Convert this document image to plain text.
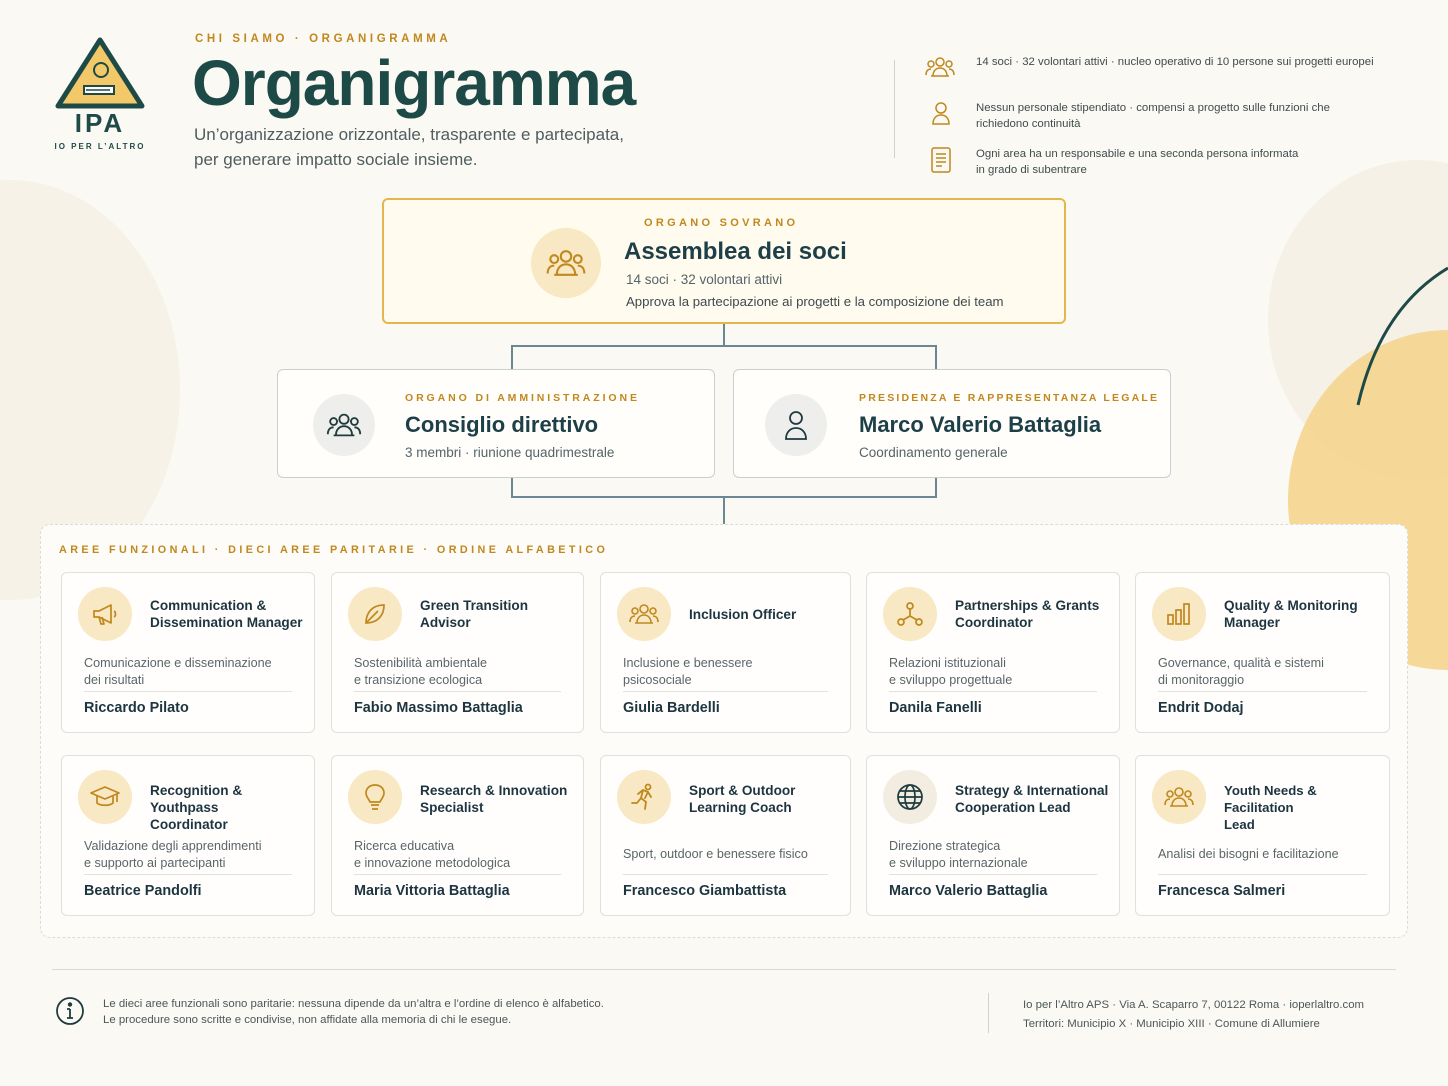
IPA
IO PER L’ALTRO
CHI SIAMO · ORGANIGRAMMA
Organigramma
Un’organizzazione orizzontale, trasparente e partecipata,
per generare impatto sociale insieme.
14 soci · 32 volontari attivi · nucleo operativo di 10 persone sui progetti europei
Nessun personale stipendiato · compensi a progetto sulle funzioni che
richiedono continuità
Ogni area ha un responsabile e una seconda persona informata
in grado di subentrare
ORGANO SOVRANO
Assemblea dei soci
14 soci · 32 volontari attivi
Approva la partecipazione ai progetti e la composizione dei team
ORGANO DI AMMINISTRAZIONE
Consiglio direttivo
3 membri · riunione quadrimestrale
PRESIDENZA E RAPPRESENTANZA LEGALE
Marco Valerio Battaglia
Coordinamento generale
AREE FUNZIONALI · DIECI AREE PARITARIE · ORDINE ALFABETICO
Communication &
Dissemination Manager
Comunicazione e disseminazione
dei risultati
Riccardo Pilato
Green Transition
Advisor
Sostenibilità ambientale
e transizione ecologica
Fabio Massimo Battaglia
Inclusion Officer
Inclusione e benessere
psicosociale
Giulia Bardelli
Partnerships & Grants
Coordinator
Relazioni istituzionali
e sviluppo progettuale
Danila Fanelli
Quality & Monitoring
Manager
Governance, qualità e sistemi
di monitoraggio
Endrit Dodaj
Recognition & Youthpass
Coordinator
Validazione degli apprendimenti
e supporto ai partecipanti
Beatrice Pandolfi
Research & Innovation
Specialist
Ricerca educativa
e innovazione metodologica
Maria Vittoria Battaglia
Sport & Outdoor
Learning Coach
Sport, outdoor e benessere fisico
Francesco Giambattista
Strategy & International
Cooperation Lead
Direzione strategica
e sviluppo internazionale
Marco Valerio Battaglia
Youth Needs & Facilitation
Lead
Analisi dei bisogni e facilitazione
Francesca Salmeri
Le dieci aree funzionali sono paritarie: nessuna dipende da un’altra e l’ordine di elenco è alfabetico.
Le procedure sono scritte e condivise, non affidate alla memoria di chi le esegue.
Io per l’Altro APS · Via A. Scaparro 7, 00122 Roma · ioperlaltro.com
Territori: Municipio X · Municipio XIII · Comune di Allumiere
